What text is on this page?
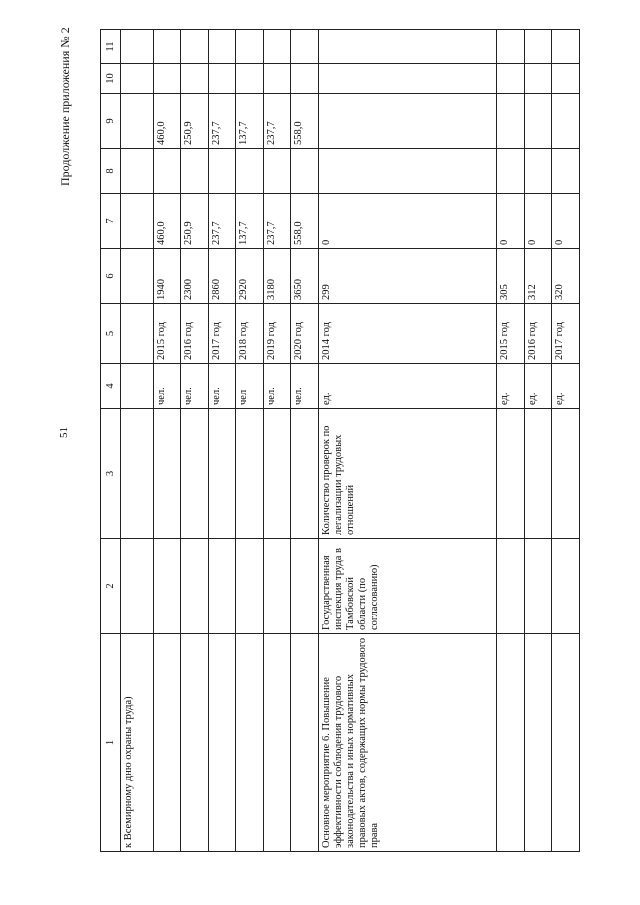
51
Продолжение приложения № 2
1	2	3	4	5	6	7	8	9	10	11
к Всемирному дню охраны труда)										
			чел.	2015 год	1940	460,0		460,0		
			чел.	2016 год	2300	250,9		250,9		
			чел.	2017 год	2860	237,7		237,7		
			чел	2018 год	2920	137,7		137,7		
			чел.	2019 год	3180	237,7		237,7		
			чел.	2020 год	3650	558,0		558,0		
Основное мероприятие 6. Повышение эффективности соблюдения трудового законодательства и иных нормативных правовых актов, содержащих нормы трудового права	Государственная инспекция труда в Тамбовской области (по согласованию)	Количество проверок по легализации трудовых отношений	ед.	2014 год	299	0				
			ед.	2015 год	305	0				
			ед.	2016 год	312	0				
			ед.	2017 год	320	0				
